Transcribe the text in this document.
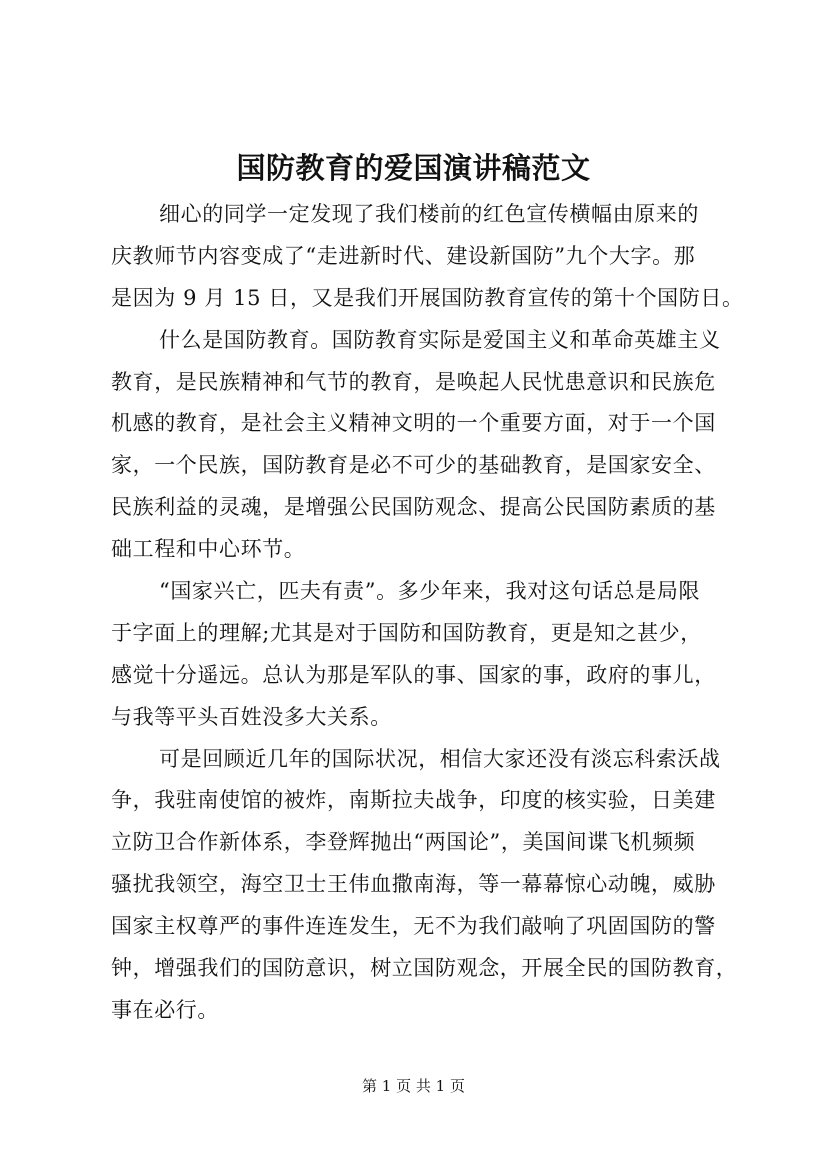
国防教育的爱国演讲稿范文
细心的同学一定发现了我们楼前的红色宣传横幅由原来的
庆教师节内容变成了“走进新时代、建设新国防”九个大字。那
是因为 9 月 15 日，又是我们开展国防教育宣传的第十个国防日。
什么是国防教育。国防教育实际是爱国主义和革命英雄主义
教育，是民族精神和气节的教育，是唤起人民忧患意识和民族危
机感的教育，是社会主义精神文明的一个重要方面，对于一个国
家，一个民族，国防教育是必不可少的基础教育，是国家安全、
民族利益的灵魂，是增强公民国防观念、提高公民国防素质的基
础工程和中心环节。
“国家兴亡，匹夫有责”。多少年来，我对这句话总是局限
于字面上的理解;尤其是对于国防和国防教育，更是知之甚少，
感觉十分遥远。总认为那是军队的事、国家的事，政府的事儿，
与我等平头百姓没多大关系。
可是回顾近几年的国际状况，相信大家还没有淡忘科索沃战
争，我驻南使馆的被炸，南斯拉夫战争，印度的核实验，日美建
立防卫合作新体系，李登辉抛出“两国论”，美国间谍飞机频频
骚扰我领空，海空卫士王伟血撒南海，等一幕幕惊心动魄，威胁
国家主权尊严的事件连连发生，无不为我们敲响了巩固国防的警
钟，增强我们的国防意识，树立国防观念，开展全民的国防教育，
事在必行。
第 1 页 共 1 页
